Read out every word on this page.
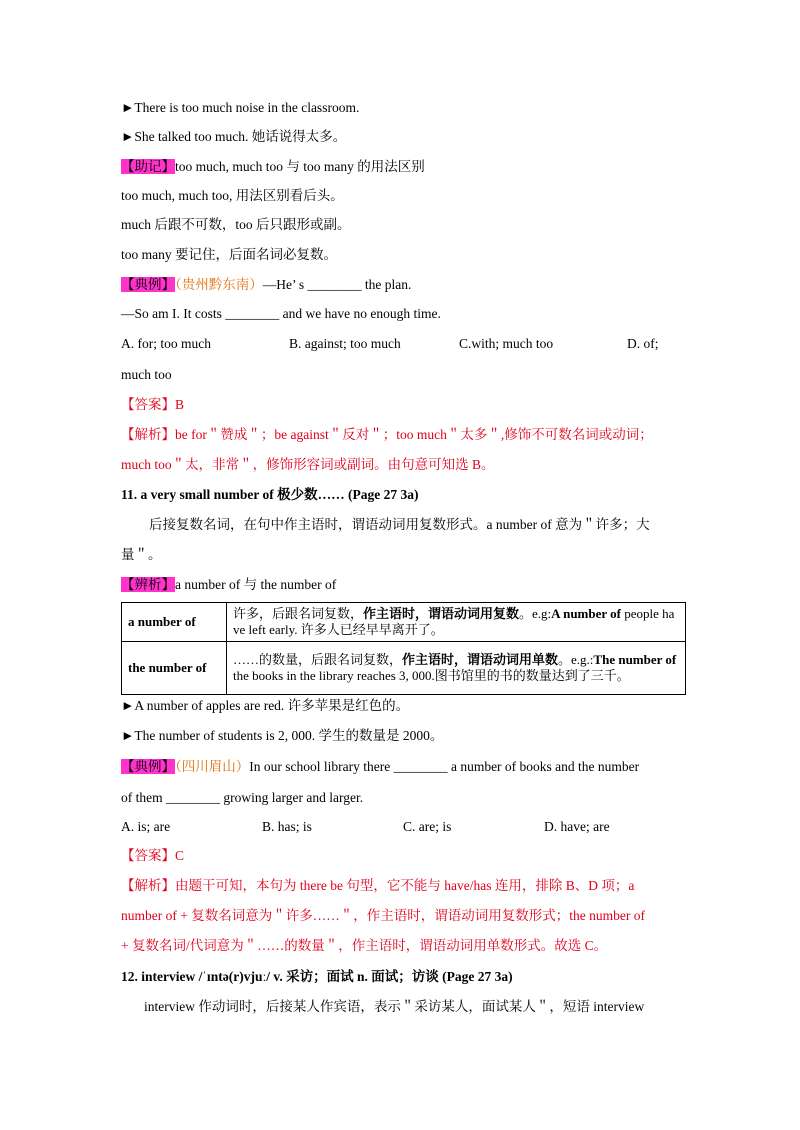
►There is too much noise in the classroom.
►She talked too much. 她话说得太多。
【助记】too much, much too 与 too many 的用法区别
too much, much too, 用法区别看后头。
much 后跟不可数，too 后只跟形或副。
too many 要记住，后面名词必复数。
【典例】（贵州黔东南）—He’ s ________ the plan.
—So am I. It costs ________ and we have no enough time.
A. for; too much	B. against; too much	C.with; much too	D. of;
much too
【答案】B
【解析】be for＂赞成＂；be against＂反对＂；too much＂太多＂,修饰不可数名词或动词；
much too＂太，非常＂，修饰形容词或副词。由句意可知选 B。
11. a very small number of 极少数…… (Page 27 3a)
后接复数名词，在句中作主语时，谓语动词用复数形式。a number of 意为＂许多；大
量＂。
【辨析】a number of 与 the number of
a number of	许多，后跟名词复数，作主语时，谓语动词用复数。e.g:A number of people have left early. 许多人已经早早离开了。
the number of	……的数量，后跟名词复数，作主语时，谓语动词用单数。e.g.:The number of the books in the library reaches 3, 000.图书馆里的书的数量达到了三千。
►A number of apples are red. 许多苹果是红色的。
►The number of students is 2, 000. 学生的数量是 2000。
【典例】（四川眉山）In our school library there ________ a number of books and the number
of them ________ growing larger and larger.
A. is; are	B. has; is	C. are; is	D. have; are
【答案】C
【解析】由题干可知，本句为 there be 句型，它不能与 have/has 连用，排除 B、D 项；a
number of + 复数名词意为＂许多……＂，作主语时，谓语动词用复数形式；the number of
+ 复数名词/代词意为＂……的数量＂，作主语时，谓语动词用单数形式。故选 C。
12. interview /ˈɪntə(r)vjuː/ v. 采访；面试 n. 面试；访谈 (Page 27 3a)
interview 作动词时，后接某人作宾语，表示＂采访某人，面试某人＂，短语 interview
